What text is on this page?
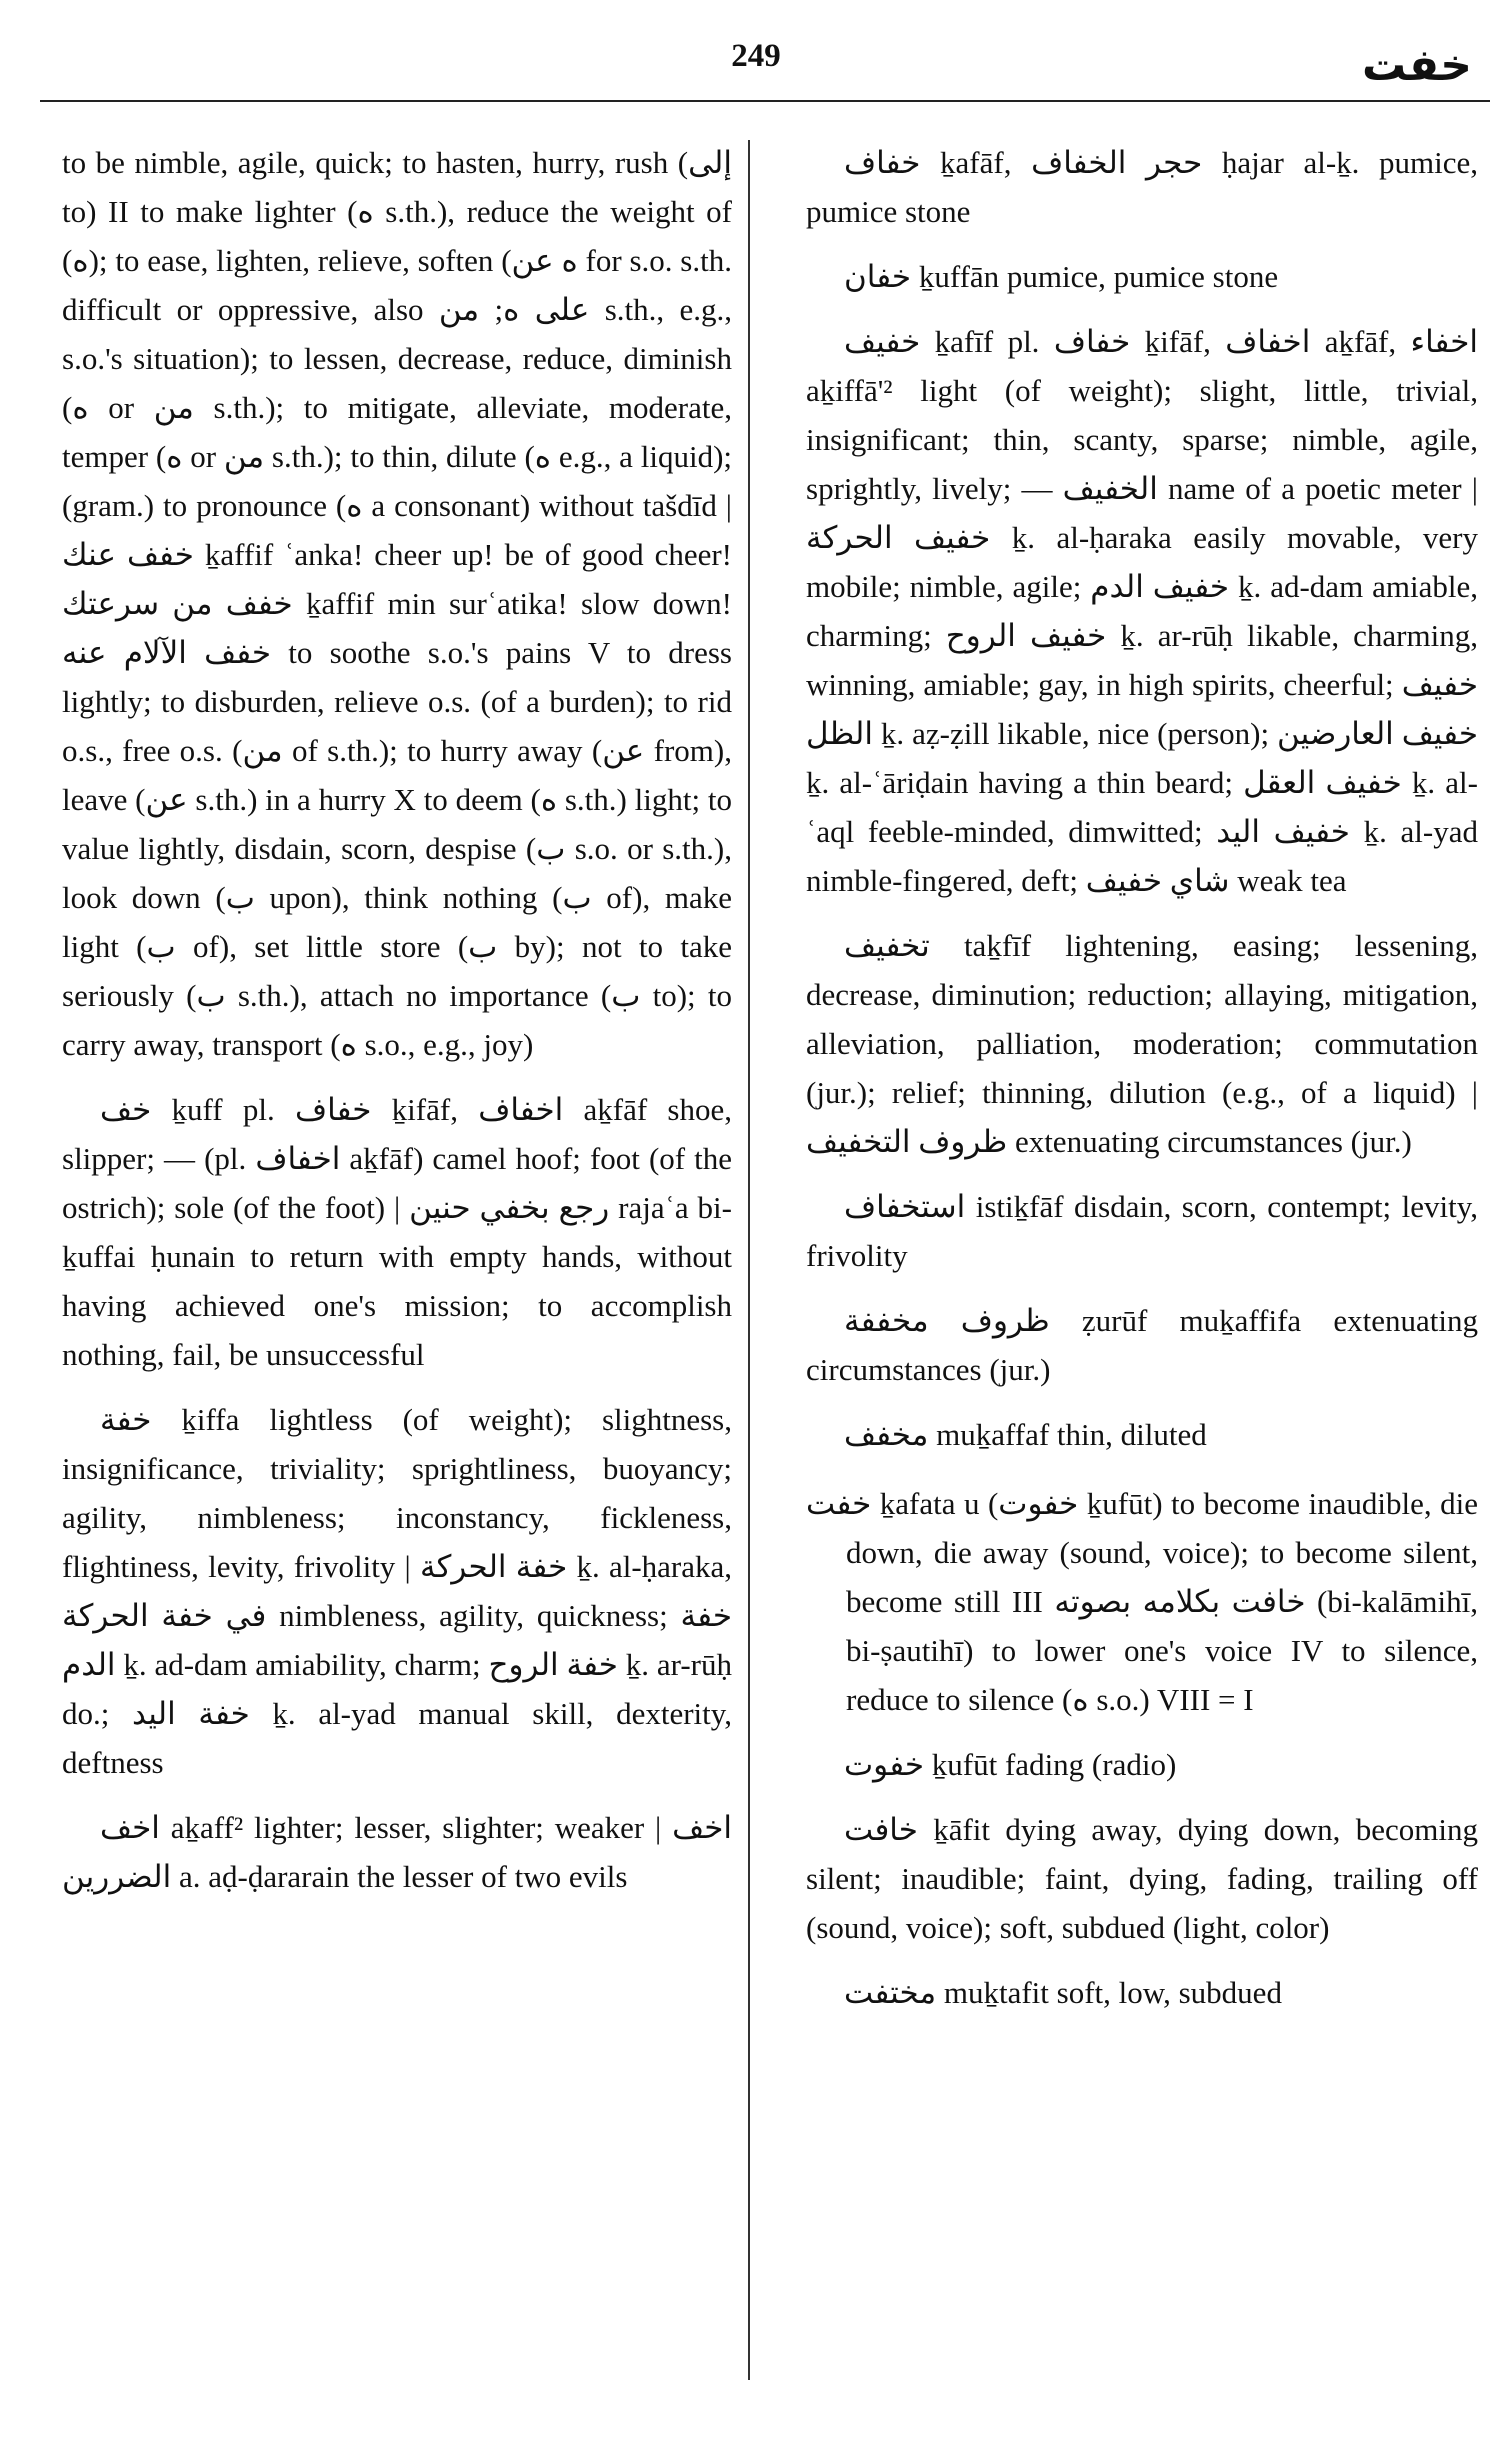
249	خفت

to be nimble, agile, quick; to hasten, hurry, rush (إلى to) II to make lighter (ه s.th.), reduce the weight of (ه); to ease, lighten, relieve, soften (ه عن for s.o. s.th. difficult or oppressive, also على ه; من s.th., e.g., s.o.'s situation); to lessen, decrease, reduce, diminish (ه or من s.th.); to mitigate, alleviate, moderate, temper (ه or من s.th.); to thin, dilute (ه e.g., a liquid); (gram.) to pronounce (ه a consonant) without tašdīd | خفف عنك ḵaffif ʿanka! cheer up! be of good cheer! خفف من سرعتك ḵaffif min surʿatika! slow down! خفف الآلام عنه to soothe s.o.'s pains V to dress lightly; to disburden, relieve o.s. (of a burden); to rid o.s., free o.s. (من of s.th.); to hurry away (عن from), leave (عن s.th.) in a hurry X to deem (ه s.th.) light; to value lightly, disdain, scorn, despise (ب s.o. or s.th.), look down (ب upon), think nothing (ب of), make light (ب of), set little store (ب by); not to take seriously (ب s.th.), attach no importance (ب to); to carry away, transport (ه s.o., e.g., joy)

خف ḵuff pl. خفاف ḵifāf, اخفاف aḵfāf shoe, slipper; — (pl. اخفاف aḵfāf) camel hoof; foot (of the ostrich); sole (of the foot) | رجع بخفي حنين rajaʿa bi-ḵuffai ḥunain to return with empty hands, without having achieved one's mission; to accomplish nothing, fail, be unsuccessful

خفة ḵiffa lightless (of weight); slightness, insignificance, triviality; sprightliness, buoyancy; agility, nimbleness; inconstancy, fickleness, flightiness, levity, frivolity | خفة الحركة ḵ. al-ḥaraka, في خفة الحركة nimbleness, agility, quickness; خفة الدم ḵ. ad-dam amiability, charm; خفة الروح ḵ. ar-rūḥ do.; خفة اليد ḵ. al-yad manual skill, dexterity, deftness

اخف aḵaff² lighter; lesser, slighter; weaker | اخف الضررين a. aḍ-ḍararain the lesser of two evils

خفاف ḵafāf, حجر الخفاف ḥajar al-ḵ. pumice, pumice stone

خفان ḵuffān pumice, pumice stone

خفيف ḵafīf pl. خفاف ḵifāf, اخفاف aḵfāf, اخفاء aḵiffā'² light (of weight); slight, little, trivial, insignificant; thin, scanty, sparse; nimble, agile, sprightly, lively; — الخفيف name of a poetic meter | خفيف الحركة ḵ. al-ḥaraka easily movable, very mobile; nimble, agile; خفيف الدم ḵ. ad-dam amiable, charming; خفيف الروح ḵ. ar-rūḥ likable, charming, winning, amiable; gay, in high spirits, cheerful; خفيف الظل ḵ. aẓ-ẓill likable, nice (person); خفيف العارضين ḵ. al-ʿāriḍain having a thin beard; خفيف العقل ḵ. al-ʿaql feeble-minded, dimwitted; خفيف اليد ḵ. al-yad nimble-fingered, deft; شاي خفيف weak tea

تخفيف taḵfīf lightening, easing; lessening, decrease, diminution; reduction; allaying, mitigation, alleviation, palliation, moderation; commutation (jur.); relief; thinning, dilution (e.g., of a liquid) | ظروف التخفيف extenuating circumstances (jur.)

استخفاف istiḵfāf disdain, scorn, contempt; levity, frivolity

ظروف مخففة ẓurūf muḵaffifa extenuating circumstances (jur.)

مخفف muḵaffaf thin, diluted

خفت ḵafata u (خفوت ḵufūt) to become inaudible, die down, die away (sound, voice); to become silent, become still III خافت بكلامه بصوته (bi-kalāmihī, bi-ṣautihī) to lower one's voice IV to silence, reduce to silence (ه s.o.) VIII = I

خفوت ḵufūt fading (radio)

خافت ḵāfit dying away, dying down, becoming silent; inaudible; faint, dying, fading, trailing off (sound, voice); soft, subdued (light, color)

مختفت muḵtafit soft, low, subdued
